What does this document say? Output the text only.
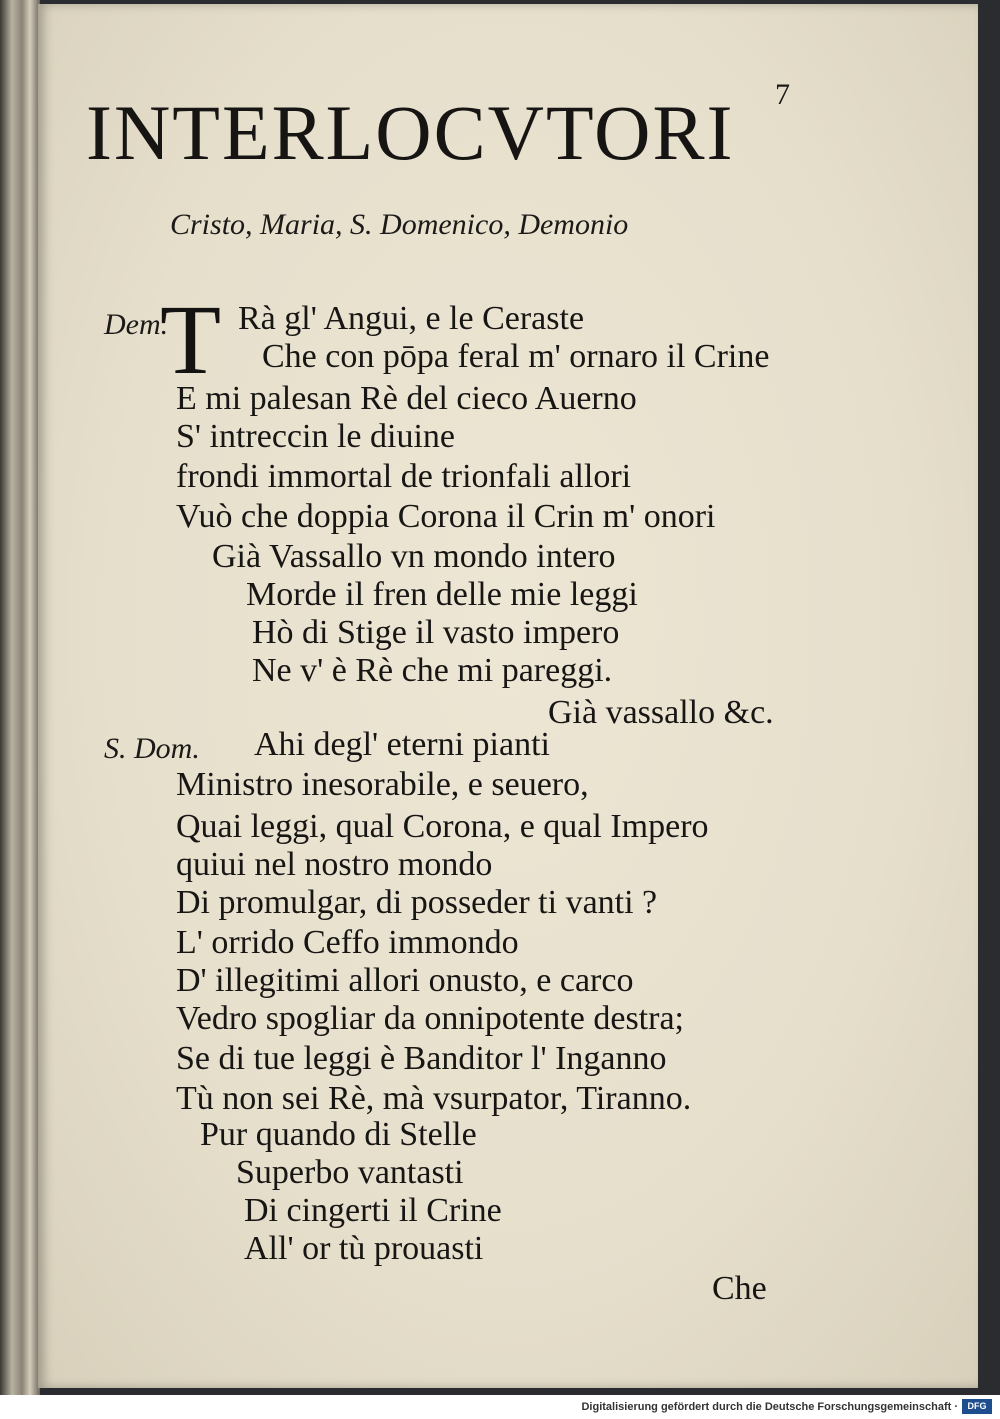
7
INTERLOCVTORI
Cristo, Maria, S. Domenico, Demonio
Dem.
T Rà gl' Angui, e le Ceraste
Che con pōpa feral m' ornaro il Crine
E mi palesan Rè del cieco Auerno
S' intreccin le diuine
frondi immortal de trionfali allori
Vuò che doppia Corona il Crin m' onori
Già Vassallo vn mondo intero
Morde il fren delle mie leggi
Hò di Stige il vasto impero
Ne v' è Rè che mi pareggi.
Già vassallo &c.
S. Dom. Ahi degl' eterni pianti
Ministro inesorabile, e seuero,
Quai leggi, qual Corona, e qual Impero
quiui nel nostro mondo
Di promulgar, di posseder ti vanti ?
L' orrido Ceffo immondo
D' illegitimi allori onusto, e carco
Vedro spogliar da onnipotente destra;
Se di tue leggi è Banditor l' Inganno
Tù non sei Rè, mà vsurpator, Tiranno.
Pur quando di Stelle
Superbo vantasti
Di cingerti il Crine
All' or tù prouasti
Che
Digitalisierung gefördert durch die Deutsche Forschungsgemeinschaft ·	DFG
